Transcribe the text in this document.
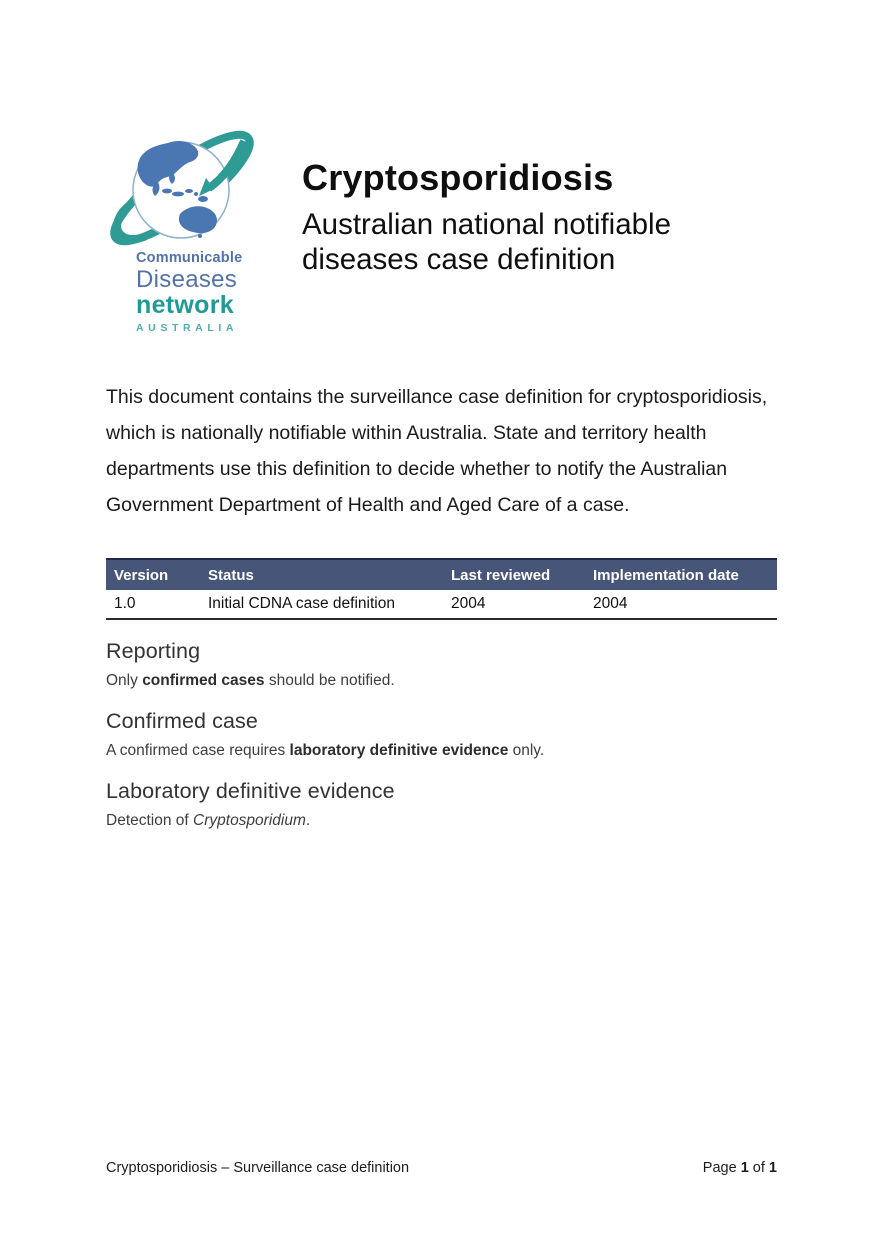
Communicable
Diseases
network
AUSTRALIA
Cryptosporidiosis
Australian national notifiable diseases case definition

This document contains the surveillance case definition for cryptosporidiosis, which is nationally notifiable within Australia. State and territory health departments use this definition to decide whether to notify the Australian Government Department of Health and Aged Care of a case.

Version	Status	Last reviewed	Implementation date
1.0	Initial CDNA case definition	2004	2004
Reporting

Only confirmed cases should be notified.

Confirmed case

A confirmed case requires laboratory definitive evidence only.

Laboratory definitive evidence

Detection of Cryptosporidium.

Cryptosporidiosis – Surveillance case definition	Page 1 of 1
